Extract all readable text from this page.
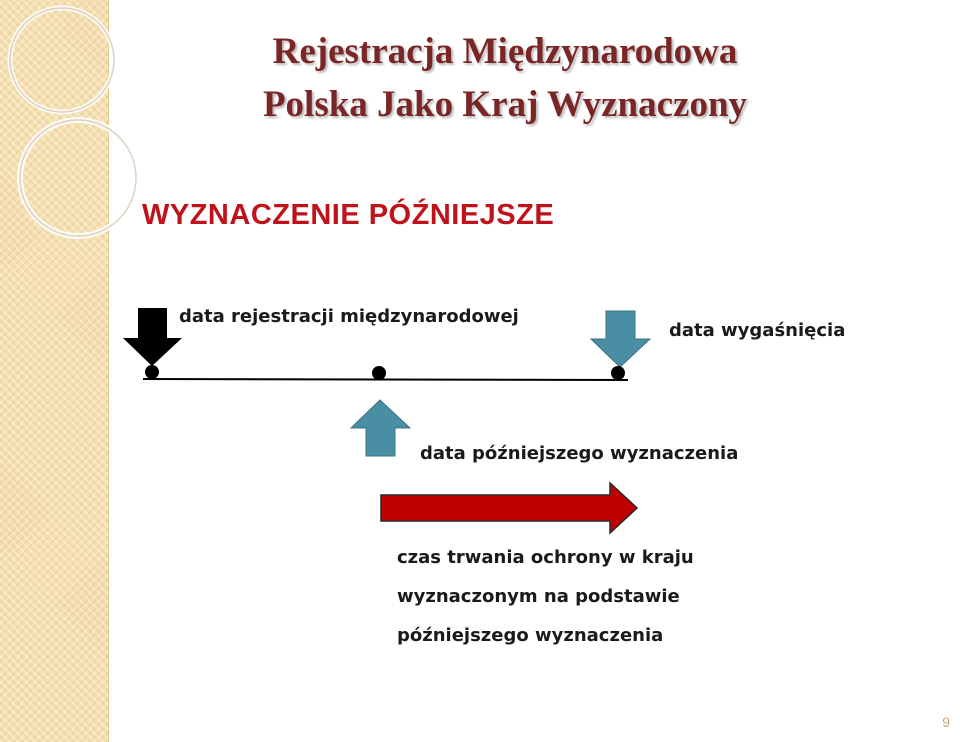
Rejestracja Międzynarodowa
Polska Jako Kraj Wyznaczony
WYZNACZENIE PÓŹNIEJSZE
data rejestracji międzynarodowej
data wygaśnięcia
data późniejszego wyznaczenia
czas trwania ochrony w kraju
wyznaczonym na podstawie
późniejszego wyznaczenia
9
